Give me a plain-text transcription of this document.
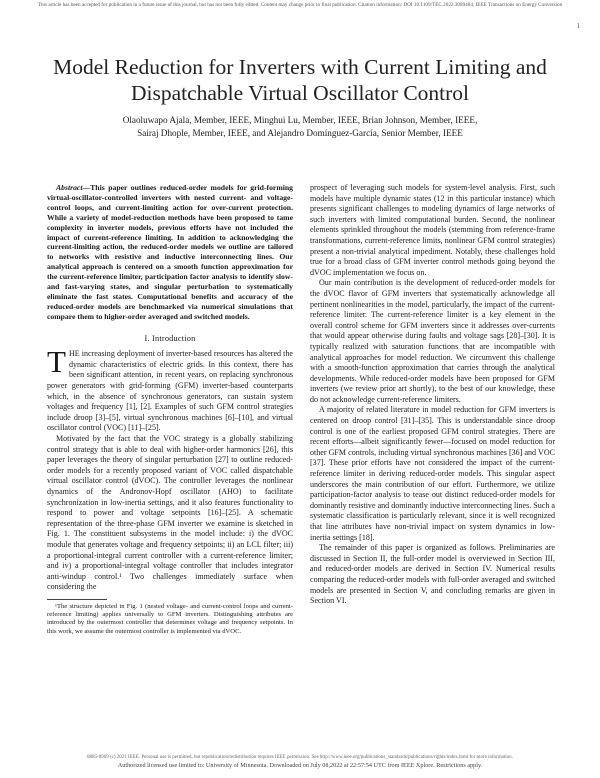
This article has been accepted for publication in a future issue of this journal, but has not been fully edited. Content may change prior to final publication. Citation information: DOI 10.1109/TEC.2022.3089484, IEEE Transactions on Energy Conversion
1
Model Reduction for Inverters with Current Limiting and Dispatchable Virtual Oscillator Control
Olaoluwapo Ajala, Member, IEEE, Minghui Lu, Member, IEEE, Brian Johnson, Member, IEEE,
Sairaj Dhople, Member, IEEE, and Alejandro Domínguez-García, Senior Member, IEEE

Abstract—This paper outlines reduced-order models for grid-forming virtual-oscillator-controlled inverters with nested current- and voltage-control loops, and current-limiting action for over-current protection. While a variety of model-reduction methods have been proposed to tame complexity in inverter models, previous efforts have not included the impact of current-reference limiting. In addition to acknowledging the current-limiting action, the reduced-order models we outline are tailored to networks with resistive and inductive interconnecting lines. Our analytical approach is centered on a smooth function approximation for the current-reference limiter, participation factor analysis to identify slow- and fast-varying states, and singular perturbation to systematically eliminate the fast states. Computational benefits and accuracy of the reduced-order models are benchmarked via numerical simulations that compare them to higher-order averaged and switched models.

I. Introduction

THE increasing deployment of inverter-based resources has altered the dynamic characteristics of electric grids. In this context, there has been significant attention, in recent years, on replacing synchronous power generators with grid-forming (GFM) inverter-based counterparts which, in the absence of synchronous generators, can sustain system voltages and frequency [1], [2]. Examples of such GFM control strategies include droop [3]–[5], virtual synchronous machines [6]–[10], and virtual oscillator control (VOC) [11]–[25].

Motivated by the fact that the VOC strategy is a globally stabilizing control strategy that is able to deal with higher-order harmonics [26], this paper leverages the theory of singular perturbation [27] to outline reduced-order models for a recently proposed variant of VOC called dispatchable virtual oscillator control (dVOC). The controller leverages the nonlinear dynamics of the Andronov-Hopf oscillator (AHO) to facilitate synchronization in low-inertia settings, and it also features functionality to respond to power and voltage setpoints [16]–[25]. A schematic representation of the three-phase GFM inverter we examine is sketched in Fig. 1. The constituent subsystems in the model include: i) the dVOC module that generates voltage and frequency setpoints; ii) an LCL filter; iii) a proportional-integral current controller with a current-reference limiter; and iv) a proportional-integral voltage controller that includes integrator anti-windup control.¹ Two challenges immediately surface when considering the

¹The structure depicted in Fig. 1 (nested voltage- and current-control loops and current-reference limiting) applies universally to GFM inverters. Distinguishing attributes are introduced by the outermost controller that determines voltage and frequency setpoints. In this work, we assume the outermost controller is implemented via dVOC.

prospect of leveraging such models for system-level analysis. First, such models have multiple dynamic states (12 in this particular instance) which presents significant challenges to modeling dynamics of large networks of such inverters with limited computational burden. Second, the nonlinear elements sprinkled throughout the models (stemming from reference-frame transformations, current-reference limits, nonlinear GFM control strategies) present a non-trivial analytical impediment. Notably, these challenges hold true for a broad class of GFM inverter control methods going beyond the dVOC implementation we focus on.

Our main contribution is the development of reduced-order models for the dVOC flavor of GFM inverters that systematically acknowledge all pertinent nonlinearities in the model, particularly, the impact of the current-reference limiter. The current-reference limiter is a key element in the overall control scheme for GFM inverters since it addresses over-currents that would appear otherwise during faults and voltage sags [28]–[30]. It is typically realized with saturation functions that are incompatible with analytical approaches for model reduction. We circumvent this challenge with a smooth-function approximation that carries through the analytical developments. While reduced-order models have been proposed for GFM inverters (we review prior art shortly), to the best of our knowledge, these do not acknowledge current-reference limiters.

A majority of related literature in model reduction for GFM inverters is centered on droop control [31]–[35]. This is understandable since droop control is one of the earliest proposed GFM control strategies. There are recent efforts—albeit significantly fewer—focused on model reduction for other GFM controls, including virtual synchronous machines [36] and VOC [37]. These prior efforts have not considered the impact of the current-reference limiter in deriving reduced-order models. This singular aspect underscores the main contribution of our effort. Furthermore, we utilize participation-factor analysis to tease out distinct reduced-order models for dominantly resistive and dominantly inductive interconnecting lines. Such a systematic classification is particularly relevant, since it is well recognized that line attributes have non-trivial impact on system dynamics in low-inertia settings [18].

The remainder of this paper is organized as follows. Preliminaries are discussed in Section II, the full-order model is overviewed in Section III, and reduced-order models are derived in Section IV. Numerical results comparing the reduced-order models with full-order averaged and switched models are presented in Section V, and concluding remarks are given in Section VI.

0885-8969 (c) 2021 IEEE. Personal use is permitted, but republication/redistribution requires IEEE permission. See http://www.ieee.org/publications_standards/publications/rights/index.html for more information.
Authorized licensed use limited to: University of Minnesota. Downloaded on July 08,2022 at 22:57:54 UTC from IEEE Xplore. Restrictions apply.
